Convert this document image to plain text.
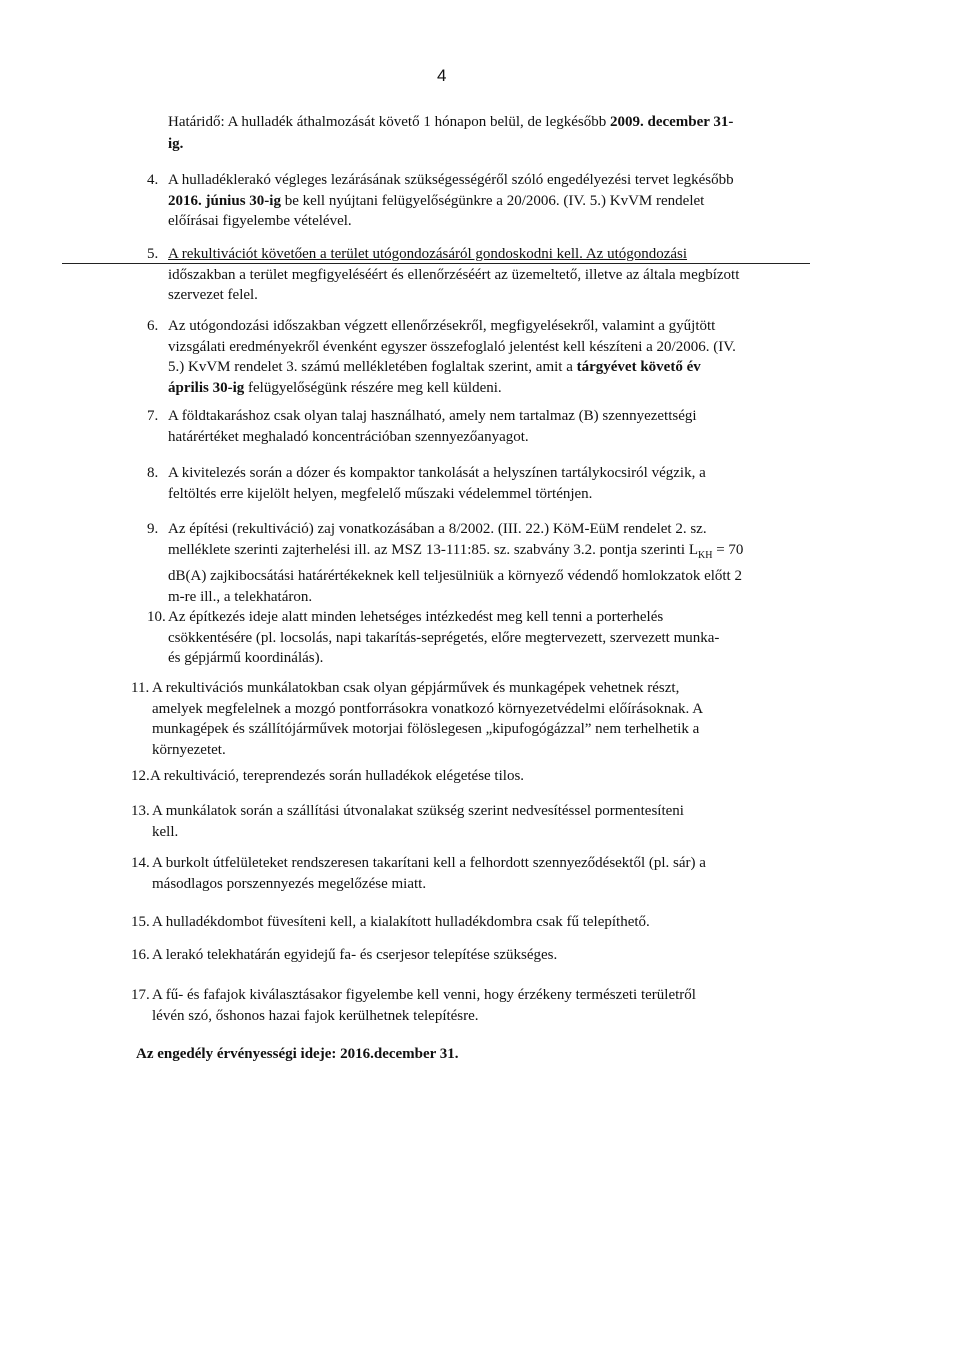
4
Határidő: A hulladék áthalmozását követő 1 hónapon belül, de legkésőbb 2009. december 31-ig.
4. A hulladéklerakó végleges lezárásának szükségességéről szóló engedélyezési tervet legkésőbb 2016. június 30-ig be kell nyújtani felügyelőségünkre a 20/2006. (IV. 5.) KvVM rendelet előírásai figyelembe vételével.
5. A rekultivációt követően a terület utógondozásáról gondoskodni kell. Az utógondozási időszakban a terület megfigyeléséért és ellenőrzéséért az üzemeltető, illetve az általa megbízott szervezet felel.
6. Az utógondozási időszakban végzett ellenőrzésekről, megfigyelésekről, valamint a gyűjtött vizsgálati eredményekről évenként egyszer összefoglaló jelentést kell készíteni a 20/2006. (IV. 5.) KvVM rendelet 3. számú mellékletében foglaltak szerint, amit a tárgyévet követő év április 30-ig felügyelőségünk részére meg kell küldeni.
7. A földtakaráshoz csak olyan talaj használható, amely nem tartalmaz (B) szennyezettségi határértéket meghaladó koncentrációban szennyezőanyagot.
8. A kivitelezés során a dózer és kompaktor tankolását a helyszínen tartálykocsiról végzik, a feltöltés erre kijelölt helyen, megfelelő műszaki védelemmel történjen.
9. Az építési (rekultiváció) zaj vonatkozásában a 8/2002. (III. 22.) KöM-EüM rendelet 2. sz. melléklete szerinti zajterhelési ill. az MSZ 13-111:85. sz. szabvány 3.2. pontja szerinti $L_{KH} = 70$ dB(A) zajkibocsátási határértékeknek kell teljesülniük a környező védendő homlokzatok előtt 2 m-re ill., a telekhatáron.
10. Az építkezés ideje alatt minden lehetséges intézkedést meg kell tenni a porterhelés csökkentésére (pl. locsolás, napi takarítás-seprégetés, előre megtervezett, szervezett munka- és gépjármű koordinálás).
11. A rekultivációs munkálatokban csak olyan gépjárművek és munkagépek vehetnek részt, amelyek megfelelnek a mozgó pontforrásokra vonatkozó környezetvédelmi előírásoknak. A munkagépek és szállítójárművek motorjai fölöslegesen „kipufogógázzal” nem terhelhetik a környezetet.
12. A rekultiváció, tereprendezés során hulladékok elégetése tilos.
13. A munkálatok során a szállítási útvonalakat szükség szerint nedvesítéssel pormentesíteni kell.
14. A burkolt útfelületeket rendszeresen takarítani kell a felhordott szennyeződésektől (pl. sár) a másodlagos porszennyezés megelőzése miatt.
15. A hulladékdombot füvesíteni kell, a kialakított hulladékdombra csak fű telepíthető.
16. A lerakó telekhatárán egyidejű fa- és cserjesor telepítése szükséges.
17. A fű- és fafajok kiválasztásakor figyelembe kell venni, hogy érzékeny természeti területről lévén szó, őshonos hazai fajok kerülhetnek telepítésre.
Az engedély érvényességi ideje: 2016.december 31.
